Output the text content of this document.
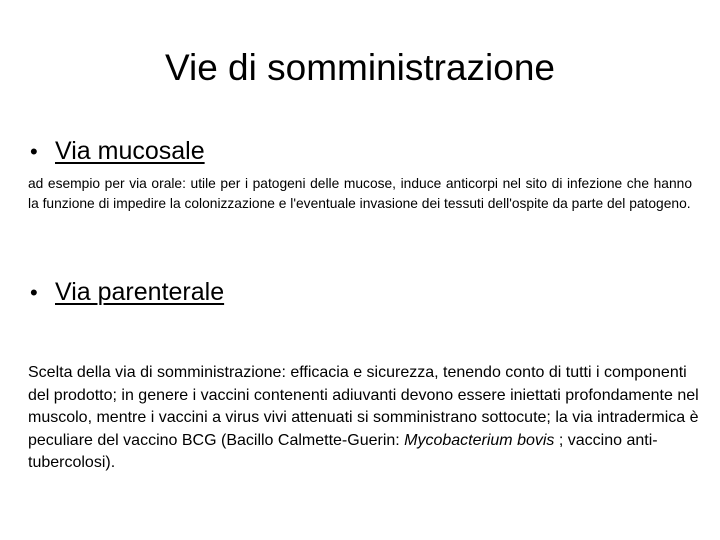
Vie di somministrazione
• Via mucosale

ad esempio per via orale: utile per i patogeni delle mucose, induce anticorpi nel sito di infezione che hanno la funzione di impedire la colonizzazione e l'eventuale invasione dei tessuti dell'ospite da parte del patogeno.

• Via parenterale

Scelta della via di somministrazione: efficacia e sicurezza, tenendo conto di tutti i componenti del prodotto; in genere i vaccini contenenti adiuvanti devono essere iniettati profondamente nel muscolo, mentre i vaccini a virus vivi attenuati si somministrano sottocute; la via intradermica è peculiare del vaccino BCG (Bacillo Calmette-Guerin: Mycobacterium bovis ; vaccino anti-tubercolosi).
